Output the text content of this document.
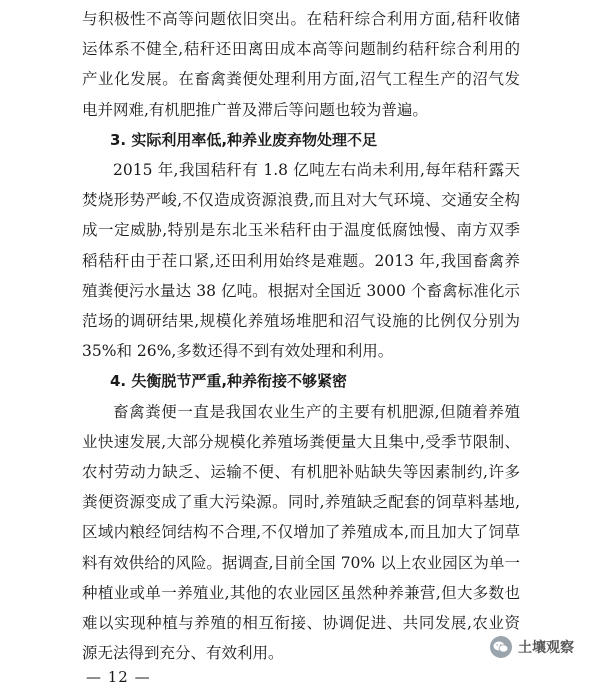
与积极性不高等问题依旧突出。在秸秆综合利用方面,秸秆收储运体系不健全,秸秆还田离田成本高等问题制约秸秆综合利用的产业化发展。在畜禽粪便处理利用方面,沼气工程生产的沼气发电并网难,有机肥推广普及滞后等问题也较为普遍。

3. 实际利用率低,种养业废弃物处理不足

2015 年,我国秸秆有 1.8 亿吨左右尚未利用,每年秸秆露天焚烧形势严峻,不仅造成资源浪费,而且对大气环境、交通安全构成一定威胁,特别是东北玉米秸秆由于温度低腐蚀慢、南方双季稻秸秆由于茬口紧,还田利用始终是难题。2013 年,我国畜禽养殖粪便污水量达 38 亿吨。根据对全国近 3000 个畜禽标准化示范场的调研结果,规模化养殖场堆肥和沼气设施的比例仅分别为 35%和 26%,多数还得不到有效处理和利用。

4. 失衡脱节严重,种养衔接不够紧密

畜禽粪便一直是我国农业生产的主要有机肥源,但随着养殖业快速发展,大部分规模化养殖场粪便量大且集中,受季节限制、农村劳动力缺乏、运输不便、有机肥补贴缺失等因素制约,许多粪便资源变成了重大污染源。同时,养殖缺乏配套的饲草料基地,区域内粮经饲结构不合理,不仅增加了养殖成本,而且加大了饲草料有效供给的风险。据调查,目前全国 70% 以上农业园区为单一种植业或单一养殖业,其他的农业园区虽然种养兼营,但大多数也难以实现种植与养殖的相互衔接、协调促进、共同发展,农业资源无法得到充分、有效利用。

— 12 —
土壤观察
